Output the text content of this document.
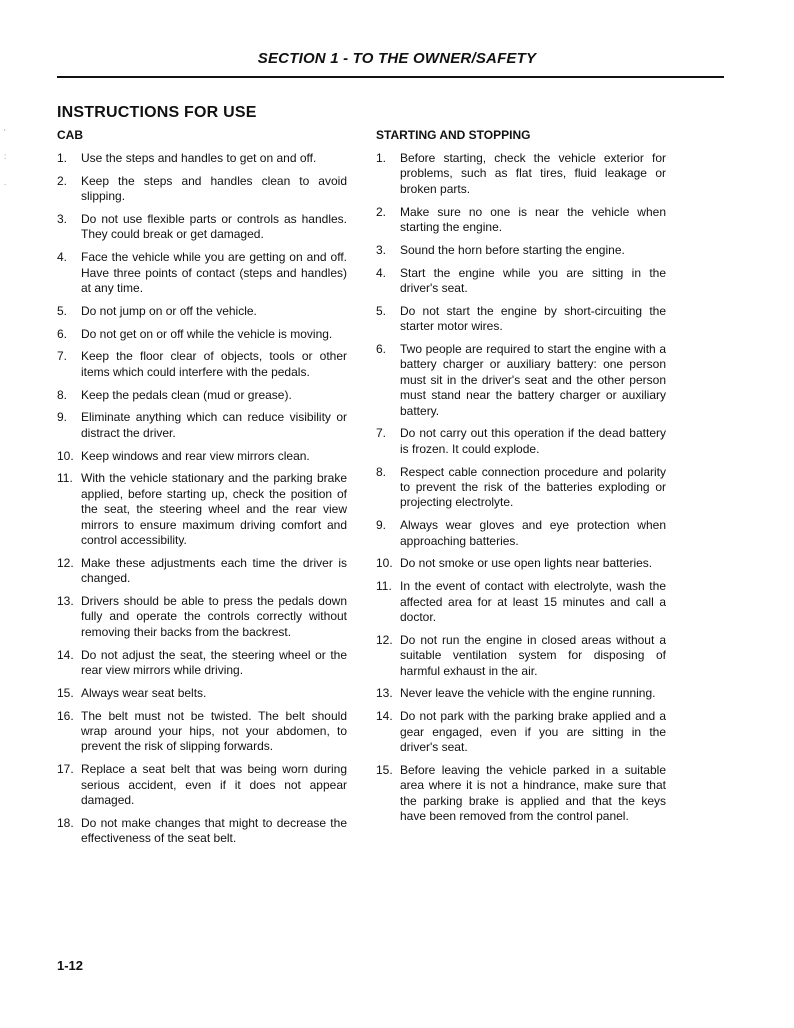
SECTION 1 - TO THE OWNER/SAFETY
INSTRUCTIONS FOR USE
CAB
1.	Use the steps and handles to get on and off.
2.	Keep the steps and handles clean to avoid slipping.
3.	Do not use flexible parts or controls as handles. They could break or get damaged.
4.	Face the vehicle while you are getting on and off. Have three points of contact (steps and handles) at any time.
5.	Do not jump on or off the vehicle.
6.	Do not get on or off while the vehicle is moving.
7.	Keep the floor clear of objects, tools or other items which could interfere with the pedals.
8.	Keep the pedals clean (mud or grease).
9.	Eliminate anything which can reduce visibility or distract the driver.
10. Keep windows and rear view mirrors clean.
11. With the vehicle stationary and the parking brake applied, before starting up, check the position of the seat, the steering wheel and the rear view mirrors to ensure maximum driving comfort and control accessibility.
12. Make these adjustments each time the driver is changed.
13. Drivers should be able to press the pedals down fully and operate the controls correctly without removing their backs from the backrest.
14. Do not adjust the seat, the steering wheel or the rear view mirrors while driving.
15. Always wear seat belts.
16. The belt must not be twisted. The belt should wrap around your hips, not your abdomen, to prevent the risk of slipping forwards.
17. Replace a seat belt that was being worn during serious accident, even if it does not appear damaged.
18. Do not make changes that might to decrease the effectiveness of the seat belt.
STARTING AND STOPPING
1.	Before starting, check the vehicle exterior for problems, such as flat tires, fluid leakage or broken parts.
2.	Make sure no one is near the vehicle when starting the engine.
3.	Sound the horn before starting the engine.
4.	Start the engine while you are sitting in the driver's seat.
5.	Do not start the engine by short-circuiting the starter motor wires.
6.	Two people are required to start the engine with a battery charger or auxiliary battery: one person must sit in the driver's seat and the other person must stand near the battery charger or auxiliary battery.
7.	Do not carry out this operation if the dead battery is frozen. It could explode.
8.	Respect cable connection procedure and polarity to prevent the risk of the batteries exploding or projecting electrolyte.
9.	Always wear gloves and eye protection when approaching batteries.
10. Do not smoke or use open lights near batteries.
11. In the event of contact with electrolyte, wash the affected area for at least 15 minutes and call a doctor.
12. Do not run the engine in closed areas without a suitable ventilation system for disposing of harmful exhaust in the air.
13. Never leave the vehicle with the engine running.
14. Do not park with the parking brake applied and a gear engaged, even if you are sitting in the driver's seat.
15. Before leaving the vehicle parked in a suitable area where it is not a hindrance, make sure that the parking brake is applied and that the keys have been removed from the control panel.
1-12
'
:
.
